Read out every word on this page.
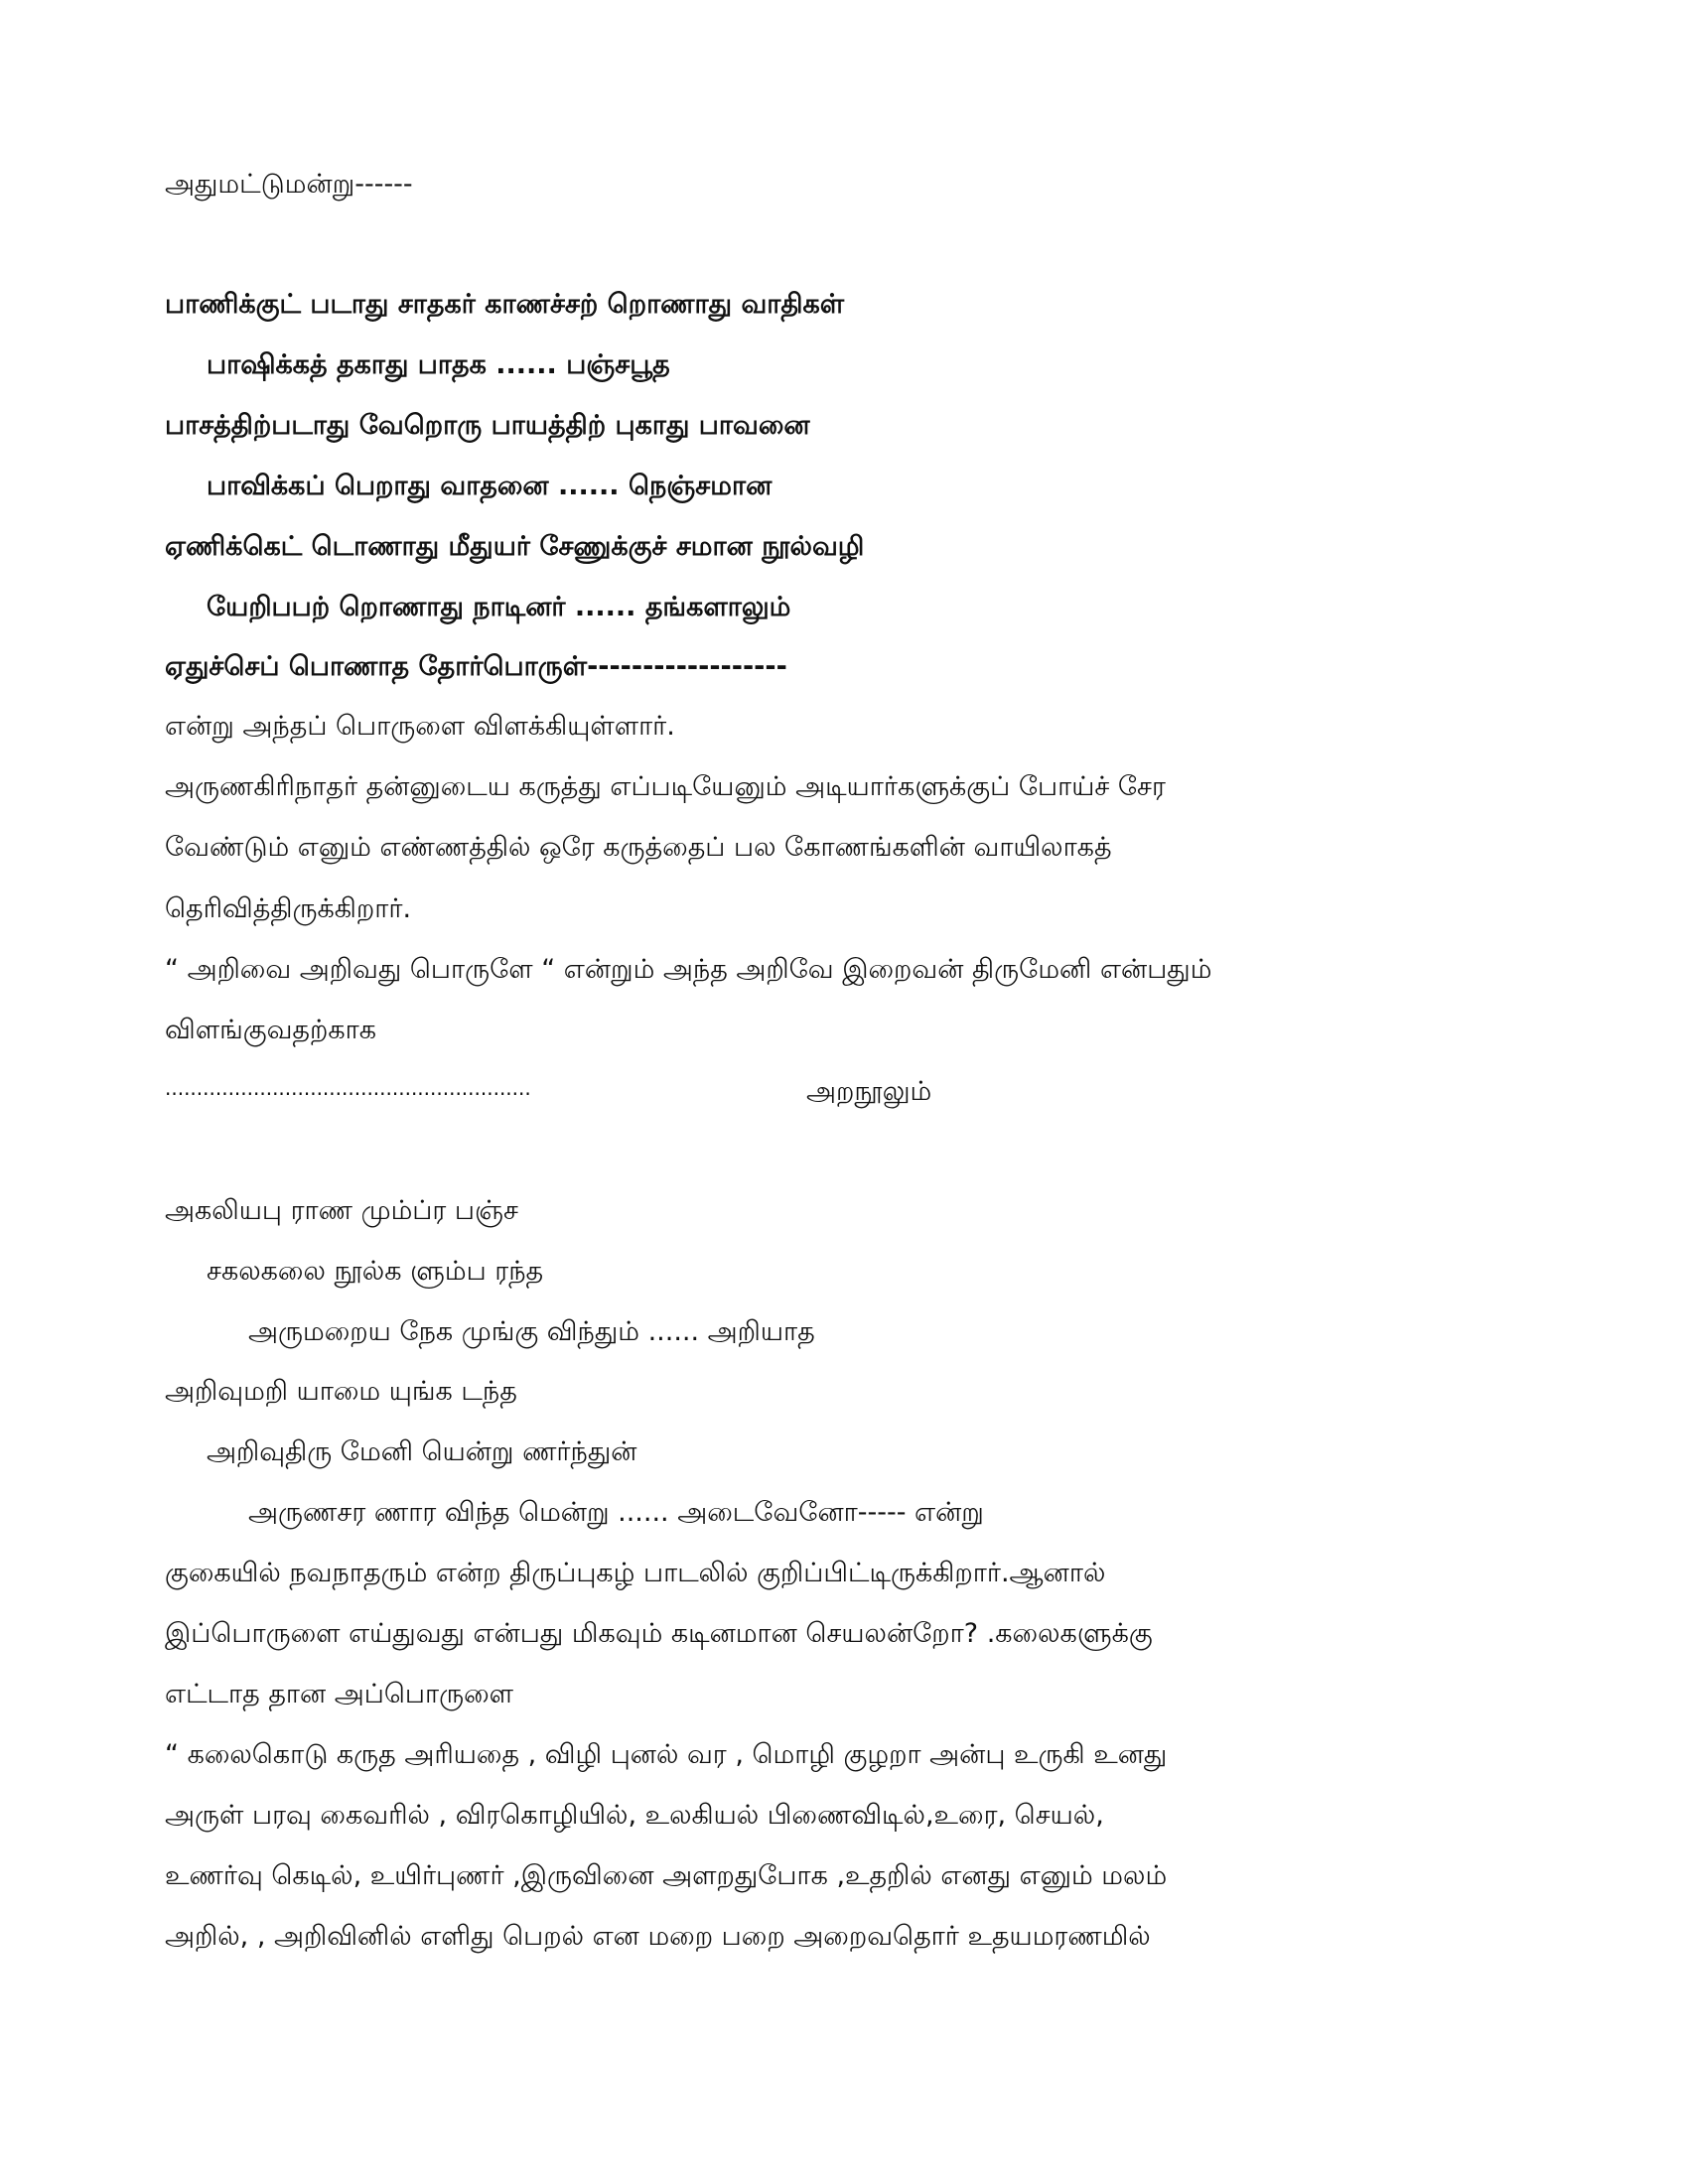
அதுமட்டுமன்று------
பாணிக்குட் படாது சாதகர் காணச்சற் றொணாது வாதிகள்
பாஷிக்கத் தகாது பாதக ...... பஞ்சபூத
பாசத்திற்படாது வேறொரு பாயத்திற் புகாது பாவனை
பாவிக்கப் பெறாது வாதனை ...... நெஞ்சமான
ஏணிக்கெட் டொணாது மீதுயர் சேணுக்குச் சமான நூல்வழி
யேறிபபற் றொணாது நாடினர் ...... தங்களாலும்
ஏதுச்செப் பொணாத தோர்பொருள்------------------
என்று அந்தப் பொருளை விளக்கியுள்ளார்.
அருணகிரிநாதர் தன்னுடைய கருத்து எப்படியேனும் அடியார்களுக்குப் போய்ச் சேர
வேண்டும் எனும் எண்ணத்தில் ஒரே கருத்தைப் பல கோணங்களின் வாயிலாகத்
தெரிவித்திருக்கிறார்.
“ அறிவை அறிவது பொருளே “ என்றும் அந்த அறிவே இறைவன் திருமேனி என்பதும்
விளங்குவதற்காக
..........................................................	அறநூலும்
அகலியபு ராண மும்ப்ர பஞ்ச
சகலகலை நூல்க ளும்ப ரந்த
அருமறைய நேக முங்கு விந்தும் ...... அறியாத
அறிவுமறி யாமை யுங்க டந்த
அறிவுதிரு மேனி யென்று ணர்ந்துன்
அருணசர ணார விந்த மென்று ...... அடைவேனோ----- என்று
குகையில் நவநாதரும் என்ற திருப்புகழ் பாடலில் குறிப்பிட்டிருக்கிறார்.ஆனால்
இப்பொருளை எய்துவது என்பது மிகவும் கடினமான செயலன்றோ? .கலைகளுக்கு
எட்டாத தான அப்பொருளை
“ கலைகொடு கருத அரியதை , விழி புனல் வர , மொழி குழறா அன்பு உருகி உனது
அருள் பரவு கைவரில் , விரகொழியில், உலகியல் பிணைவிடில்,உரை, செயல்,
உணர்வு கெடில், உயிர்புணர் ,இருவினை அளறதுபோக ,உதறில் எனது எனும் மலம்
அறில், , அறிவினில் எளிது பெறல் என மறை பறை அறைவதொர் உதயமரணமில்
